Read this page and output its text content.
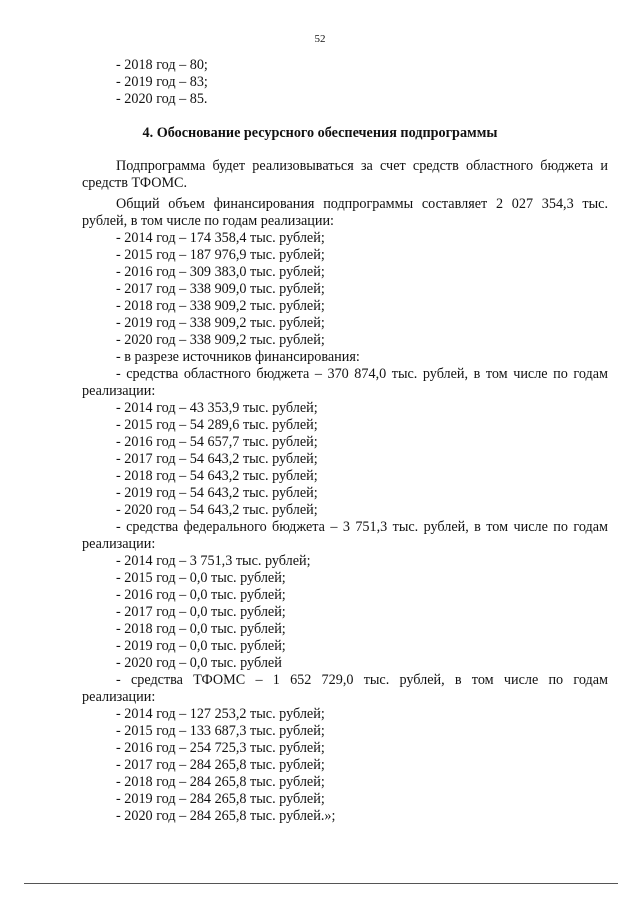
52
- 2018 год – 80;
- 2019 год – 83;
- 2020 год – 85.
4. Обоснование ресурсного обеспечения подпрограммы
Подпрограмма будет реализовываться за счет средств областного бюджета и
средств ТФОМС.
Общий объем финансирования подпрограммы составляет 2 027 354,3 тыс.
рублей, в том числе по годам реализации:
- 2014 год – 174 358,4 тыс. рублей;
- 2015 год – 187 976,9 тыс. рублей;
- 2016 год – 309 383,0 тыс. рублей;
- 2017 год – 338 909,0 тыс. рублей;
- 2018 год – 338 909,2 тыс. рублей;
- 2019 год – 338 909,2 тыс. рублей;
- 2020 год – 338 909,2 тыс. рублей;
- в разрезе источников финансирования:
- средства областного бюджета – 370 874,0 тыс. рублей, в том числе по годам
реализации:
- 2014 год – 43 353,9 тыс. рублей;
- 2015 год – 54 289,6 тыс. рублей;
- 2016 год – 54 657,7 тыс. рублей;
- 2017 год – 54 643,2 тыс. рублей;
- 2018 год – 54 643,2 тыс. рублей;
- 2019 год – 54 643,2 тыс. рублей;
- 2020 год – 54 643,2 тыс. рублей;
- средства федерального бюджета – 3 751,3 тыс. рублей, в том числе по годам
реализации:
- 2014 год – 3 751,3 тыс. рублей;
- 2015 год – 0,0 тыс. рублей;
- 2016 год – 0,0 тыс. рублей;
- 2017 год – 0,0 тыс. рублей;
- 2018 год – 0,0 тыс. рублей;
- 2019 год – 0,0 тыс. рублей;
- 2020 год – 0,0 тыс. рублей
- средства ТФОМС – 1 652 729,0 тыс. рублей, в том числе по годам
реализации:
- 2014 год – 127 253,2 тыс. рублей;
- 2015 год – 133 687,3 тыс. рублей;
- 2016 год – 254 725,3 тыс. рублей;
- 2017 год – 284 265,8 тыс. рублей;
- 2018 год – 284 265,8 тыс. рублей;
- 2019 год – 284 265,8 тыс. рублей;
- 2020 год – 284 265,8 тыс. рублей.»;
